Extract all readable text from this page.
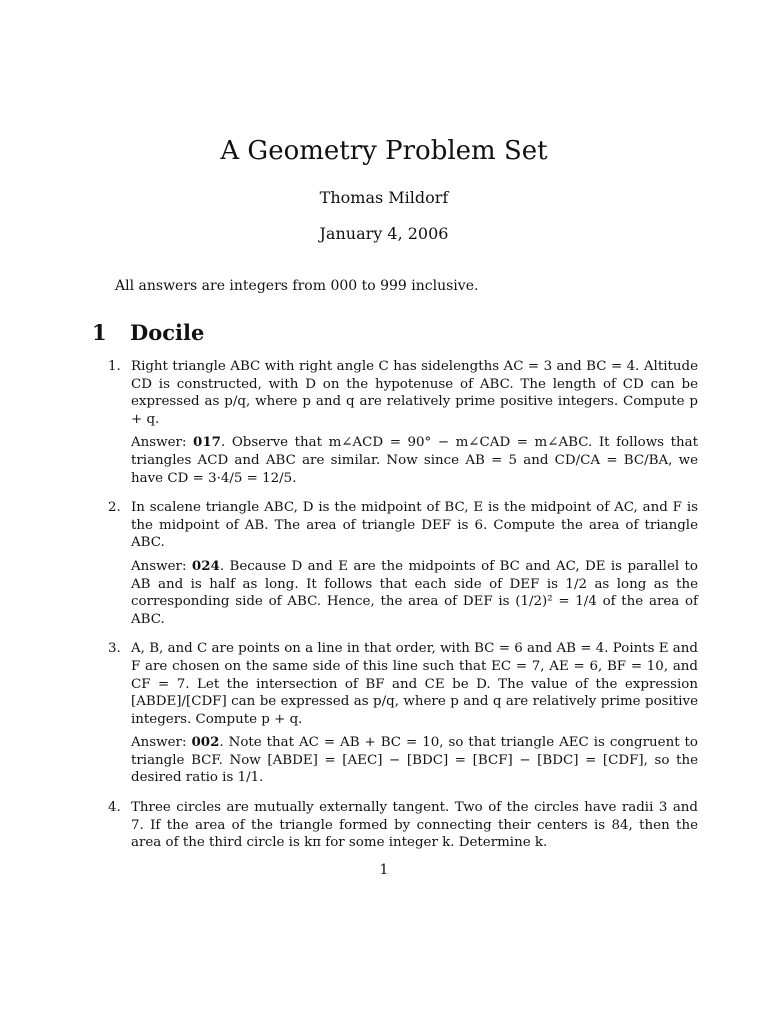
A Geometry Problem Set
Thomas Mildorf
January 4, 2006
All answers are integers from 000 to 999 inclusive.
1 Docile
1. Right triangle ABC with right angle C has sidelengths AC = 3 and BC = 4. Altitude CD is constructed, with D on the hypotenuse of ABC. The length of CD can be expressed as p/q, where p and q are relatively prime positive integers. Compute p + q.
Answer: 017. Observe that m∠ACD = 90° − m∠CAD = m∠ABC. It follows that triangles ACD and ABC are similar. Now since AB = 5 and CD/CA = BC/BA, we have CD = 3·4/5 = 12/5.
2. In scalene triangle ABC, D is the midpoint of BC, E is the midpoint of AC, and F is the midpoint of AB. The area of triangle DEF is 6. Compute the area of triangle ABC.
Answer: 024. Because D and E are the midpoints of BC and AC, DE is parallel to AB and is half as long. It follows that each side of DEF is 1/2 as long as the corresponding side of ABC. Hence, the area of DEF is (1/2)² = 1/4 of the area of ABC.
3. A, B, and C are points on a line in that order, with BC = 6 and AB = 4. Points E and F are chosen on the same side of this line such that EC = 7, AE = 6, BF = 10, and CF = 7. Let the intersection of BF and CE be D. The value of the expression [ABDE]/[CDF] can be expressed as p/q, where p and q are relatively prime positive integers. Compute p + q.
Answer: 002. Note that AC = AB + BC = 10, so that triangle AEC is congruent to triangle BCF. Now [ABDE] = [AEC] − [BDC] = [BCF] − [BDC] = [CDF], so the desired ratio is 1/1.
4. Three circles are mutually externally tangent. Two of the circles have radii 3 and 7. If the area of the triangle formed by connecting their centers is 84, then the area of the third circle is kπ for some integer k. Determine k.
1
